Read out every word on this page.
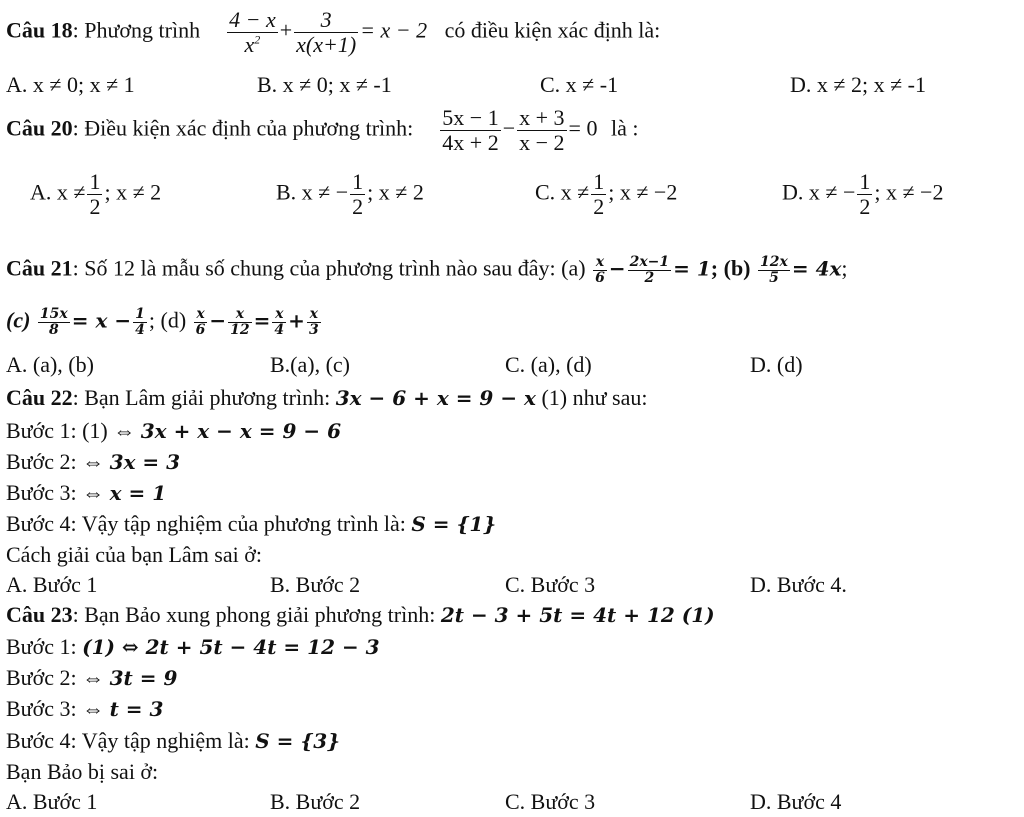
Câu 18: Phương trình $\frac{4 - x}{x^2} + \frac{3}{x(x+1)} = x - 2$ có điều kiện xác định là:
A. x ≠ 0; x ≠ 1	B. x ≠ 0; x ≠ -1	C. x ≠ -1	D. x ≠ 2; x ≠ -1
Câu 20: Điều kiện xác định của phương trình: $\frac{5x - 1}{4x + 2} - \frac{x + 3}{x - 2} = 0$ là :
A. $x \ne \frac{1}{2}$ ; x ≠ 2	B. x ≠ − $\frac{1}{2}$ ; x ≠ 2	C. $x \ne \frac{1}{2}$ ; x ≠ −2	D. x ≠ − $\frac{1}{2}$ ; x ≠ −2
Câu 21: Số 12 là mẫu số chung của phương trình nào sau đây: $(a) \frac{x}{6} - \frac{2x-1}{2} = 1$; $(b) \frac{12x}{5} = 4x$;
$(c) \frac{15x}{8} = x - \frac{1}{4}$ ; $(d) \frac{x}{6} - \frac{x}{12} = \frac{x}{4} + \frac{x}{3}$
A. (a), (b)	B.(a), (c)	C. (a), (d)	D. (d)
Câu 22: Bạn Lâm giải phương trình: 3x − 6 + x = 9 − x (1) như sau:
Bước 1: (1) ⇔ 3x + x − x = 9 − 6
Bước 2: ⇔ 3x = 3
Bước 3: ⇔ x = 1
Bước 4: Vậy tập nghiệm của phương trình là: S = {1}
Cách giải của bạn Lâm sai ở:
A. Bước 1	B. Bước 2	C. Bước 3	D. Bước 4.
Câu 23: Bạn Bảo xung phong giải phương trình: 2t − 3 + 5t = 4t + 12 (1)
Bước 1: (1) ⇔ 2t + 5t − 4t = 12 − 3
Bước 2: ⇔ 3t = 9
Bước 3: ⇔ t = 3
Bước 4: Vậy tập nghiệm là: S = {3}
Bạn Bảo bị sai ở:
A. Bước 1	B. Bước 2	C. Bước 3	D. Bước 4
